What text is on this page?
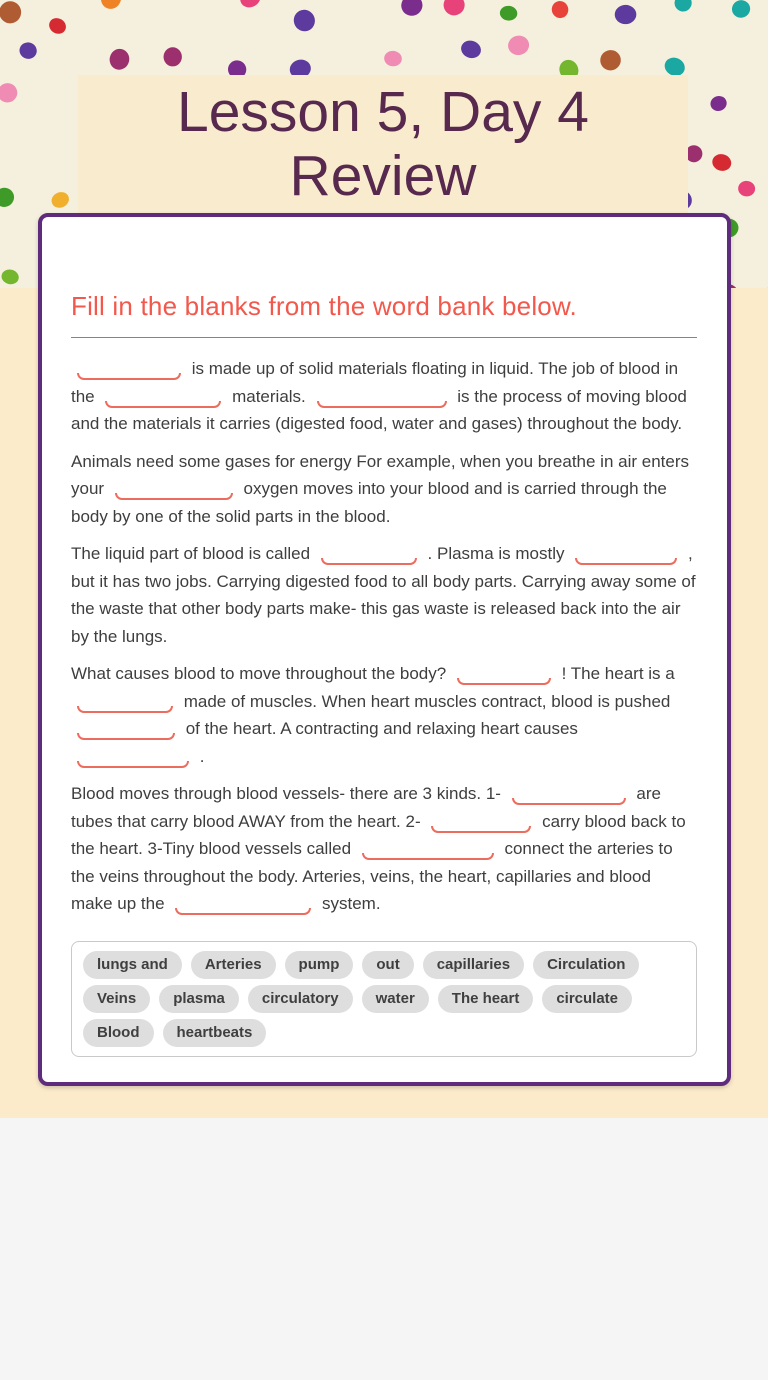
Lesson 5, Day 4 Review
Fill in the blanks from the word bank below.

is made up of solid materials floating in liquid. The job of blood in the	materials.	is the process of moving blood and the materials it carries (digested food, water and gases) throughout the body.

Animals need some gases for energy For example, when you breathe in air enters your	oxygen moves into your blood and is carried through the body by one of the solid parts in the blood.

The liquid part of blood is called	. Plasma is mostly	, but it has two jobs. Carrying digested food to all body parts. Carrying away some of the waste that other body parts make- this gas waste is released back into the air by the lungs.

What causes blood to move throughout the body?	! The heart is a  made of muscles. When heart muscles contract, blood is pushed  of the heart. A contracting and relaxing heart causes  .

Blood moves through blood vessels- there are 3 kinds. 1-	are tubes that carry blood AWAY from the heart. 2-	carry blood back to the heart. 3-Tiny blood vessels called	connect the arteries to the veins throughout the body. Arteries, veins, the heart, capillaries and blood make up the	system.

lungs and	Arteries	pump	out	capillaries	Circulation
Veins	plasma	circulatory	water	The heart	circulate
Blood	heartbeats
